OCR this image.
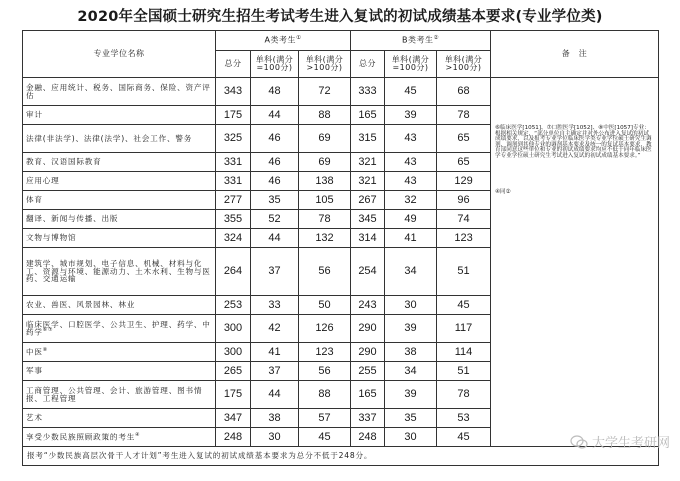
2020年全国硕士研究生招生考试考生进入复试的初试成绩基本要求(专业学位类)
专业学位名称	A类考生①			B类考生②			备　注
	总分	单科(满分=100分)	单科(满分>100分)	总分	单科(满分=100分)	单科(满分>100分)	
金融、应用统计、税务、国际商务、保险、资产评估	343	48	72	333	45	68	⑥临床医学[1051]、⑦口腔医学[1052]、⑧中医[1057]专业：

根据相关规定，“部分单位自主确定并对外公布进入复试的初试成绩要求，以及报考专业学位临床医学类专业学位硕士研究生调剂，调剂到其他专业的调剂基本要求及统一的复试基本要求，教育部同意这些单位和专业的初试成绩要求均应不低于同年临床医学专业学位硕士研究生考试进入复试的初试成绩基本要求。”

④同②

审计	175	44	88	165	39	78	
法律(非法学)、法律(法学)、社会工作、警务	325	46	69	315	43	65	
教育、汉语国际教育	331	46	69	321	43	65	
应用心理	331	46	138	321	43	129	
体育	277	35	105	267	32	96	
翻译、新闻与传播、出版	355	52	78	345	49	74	
文物与博物馆	324	44	132	314	41	123	
建筑学、城市规划、电子信息、机械、材料与化工、资源与环境、能源动力、土木水利、生物与医药、交通运输	264	37	56	254	34	51	
农业、兽医、风景园林、林业	253	33	50	243	30	45	
临床医学、口腔医学、公共卫生、护理、药学、中药学⑥⑦	300	42	126	290	39	117	
中医⑧	300	41	123	290	38	114	
军事	265	37	56	255	34	51	
工商管理、公共管理、会计、旅游管理、图书情报、工程管理	175	44	88	165	39	78	
艺术	347	38	57	337	35	53	
享受少数民族照顾政策的考生④	248	30	45	248	30	45	
报考“少数民族高层次骨干人才计划”考生进入复试的初试成绩基本要求为总分不低于248分。							
大学生考研网
